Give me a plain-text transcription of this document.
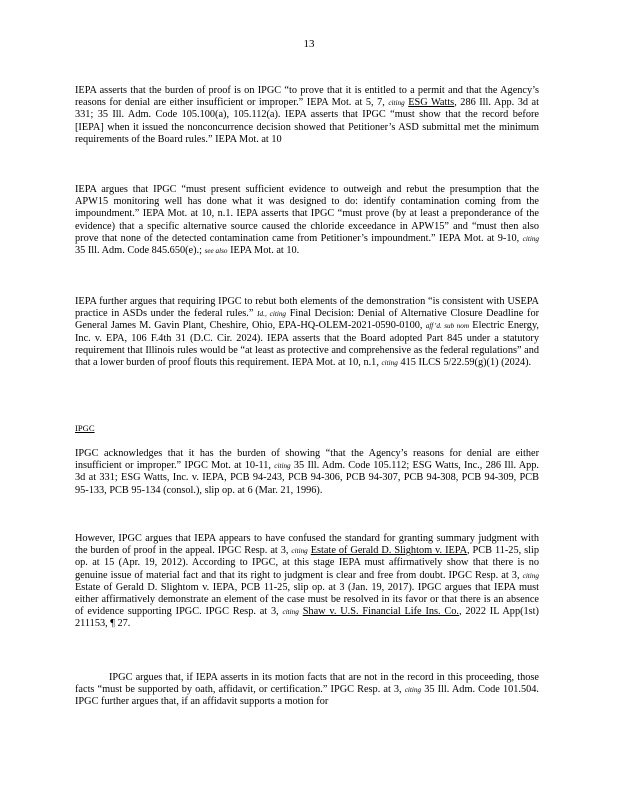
13

IEPA asserts that the burden of proof is on IPGC “to prove that it is entitled to a permit and that the Agency’s reasons for denial are either insufficient or improper.” IEPA Mot. at 5, 7, citing ESG Watts, 286 Ill. App. 3d at 331; 35 Ill. Adm. Code 105.100(a), 105.112(a). IEPA asserts that IPGC “must show that the record before [IEPA] when it issued the nonconcurrence decision showed that Petitioner’s ASD submittal met the minimum requirements of the Board rules.” IEPA Mot. at 10

IEPA argues that IPGC “must present sufficient evidence to outweigh and rebut the presumption that the APW15 monitoring well has done what it was designed to do: identify contamination coming from the impoundment.” IEPA Mot. at 10, n.1. IEPA asserts that IPGC “must prove (by at least a preponderance of the evidence) that a specific alternative source caused the chloride exceedance in APW15” and “must then also prove that none of the detected contamination came from Petitioner’s impoundment.” IEPA Mot. at 9-10, citing 35 Ill. Adm. Code 845.650(e).; see also IEPA Mot. at 10.

IEPA further argues that requiring IPGC to rebut both elements of the demonstration “is consistent with USEPA practice in ASDs under the federal rules.” Id., citing Final Decision: Denial of Alternative Closure Deadline for General James M. Gavin Plant, Cheshire, Ohio, EPA-HQ-OLEM-2021-0590-0100, aff’d. sub nom Electric Energy, Inc. v. EPA, 106 F.4th 31 (D.C. Cir. 2024). IEPA asserts that the Board adopted Part 845 under a statutory requirement that Illinois rules would be “at least as protective and comprehensive as the federal regulations” and that a lower burden of proof flouts this requirement. IEPA Mot. at 10, n.1, citing 415 ILCS 5/22.59(g)(1) (2024).

IPGC

IPGC acknowledges that it has the burden of showing “that the Agency’s reasons for denial are either insufficient or improper.” IPGC Mot. at 10-11, citing 35 Ill. Adm. Code 105.112; ESG Watts, Inc., 286 Ill. App. 3d at 331; ESG Watts, Inc. v. IEPA, PCB 94-243, PCB 94-306, PCB 94-307, PCB 94-308, PCB 94-309, PCB 95-133, PCB 95-134 (consol.), slip op. at 6 (Mar. 21, 1996).

However, IPGC argues that IEPA appears to have confused the standard for granting summary judgment with the burden of proof in the appeal. IPGC Resp. at 3, citing Estate of Gerald D. Slightom v. IEPA, PCB 11-25, slip op. at 15 (Apr. 19, 2012). According to IPGC, at this stage IEPA must affirmatively show that there is no genuine issue of material fact and that its right to judgment is clear and free from doubt. IPGC Resp. at 3, citing Estate of Gerald D. Slightom v. IEPA, PCB 11-25, slip op. at 3 (Jan. 19, 2017). IPGC argues that IEPA must either affirmatively demonstrate an element of the case must be resolved in its favor or that there is an absence of evidence supporting IPGC. IPGC Resp. at 3, citing Shaw v. U.S. Financial Life Ins. Co., 2022 IL App(1st) 211153, ¶ 27.

IPGC argues that, if IEPA asserts in its motion facts that are not in the record in this proceeding, those facts “must be supported by oath, affidavit, or certification.” IPGC Resp. at 3, citing 35 Ill. Adm. Code 101.504. IPGC further argues that, if an affidavit supports a motion for
